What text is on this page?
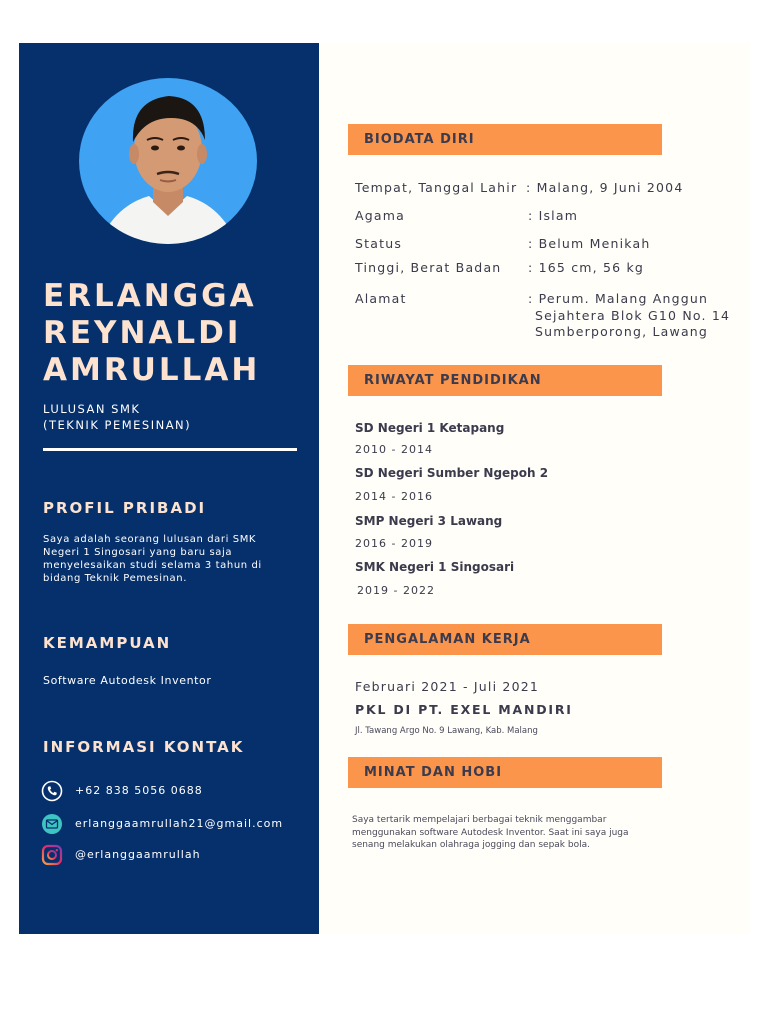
ERLANGGA
REYNALDI
AMRULLAH
LULUSAN SMK
(TEKNIK PEMESINAN)
PROFIL PRIBADI
Saya adalah seorang lulusan dari SMK
Negeri 1 Singosari yang baru saja
menyelesaikan studi selama 3 tahun di
bidang Teknik Pemesinan.
KEMAMPUAN
Software Autodesk Inventor
INFORMASI KONTAK
+62 838 5056 0688
erlanggaamrullah21@gmail.com
@erlanggaamrullah
BIODATA DIRI
Tempat, Tanggal Lahir : Malang, 9 Juni 2004
Agama	: Islam
Status	: Belum Menikah
Tinggi, Berat Badan : 165 cm, 56 kg
Alamat	: Perum. Malang Anggun
Sejahtera Blok G10 No. 14
Sumberporong, Lawang
RIWAYAT PENDIDIKAN
SD Negeri 1 Ketapang
2010 - 2014
SD Negeri Sumber Ngepoh 2
2014 - 2016
SMP Negeri 3 Lawang
2016 - 2019
SMK Negeri 1 Singosari
2019 - 2022
PENGALAMAN KERJA
Februari 2021 - Juli 2021
PKL DI PT. EXEL MANDIRI
Jl. Tawang Argo No. 9 Lawang, Kab. Malang
MINAT DAN HOBI
Saya tertarik mempelajari berbagai teknik menggambar
menggunakan software Autodesk Inventor. Saat ini saya juga
senang melakukan olahraga jogging dan sepak bola.
